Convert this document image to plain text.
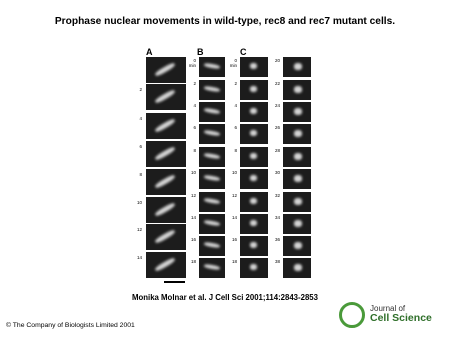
Prophase nuclear movements in wild-type, rec8 and rec7 mutant cells.
A	B	C
2
4
6
8
10
12
14
0
min
2
4
6
8
10
12
14
16
18
0
min
2
4
6
8
10
12
14
16
18
20
22
24
26
28
30
32
34
36
38
Monika Molnar et al. J Cell Sci 2001;114:2843-2853
© The Company of Biologists Limited 2001
Journal of
Cell Science
